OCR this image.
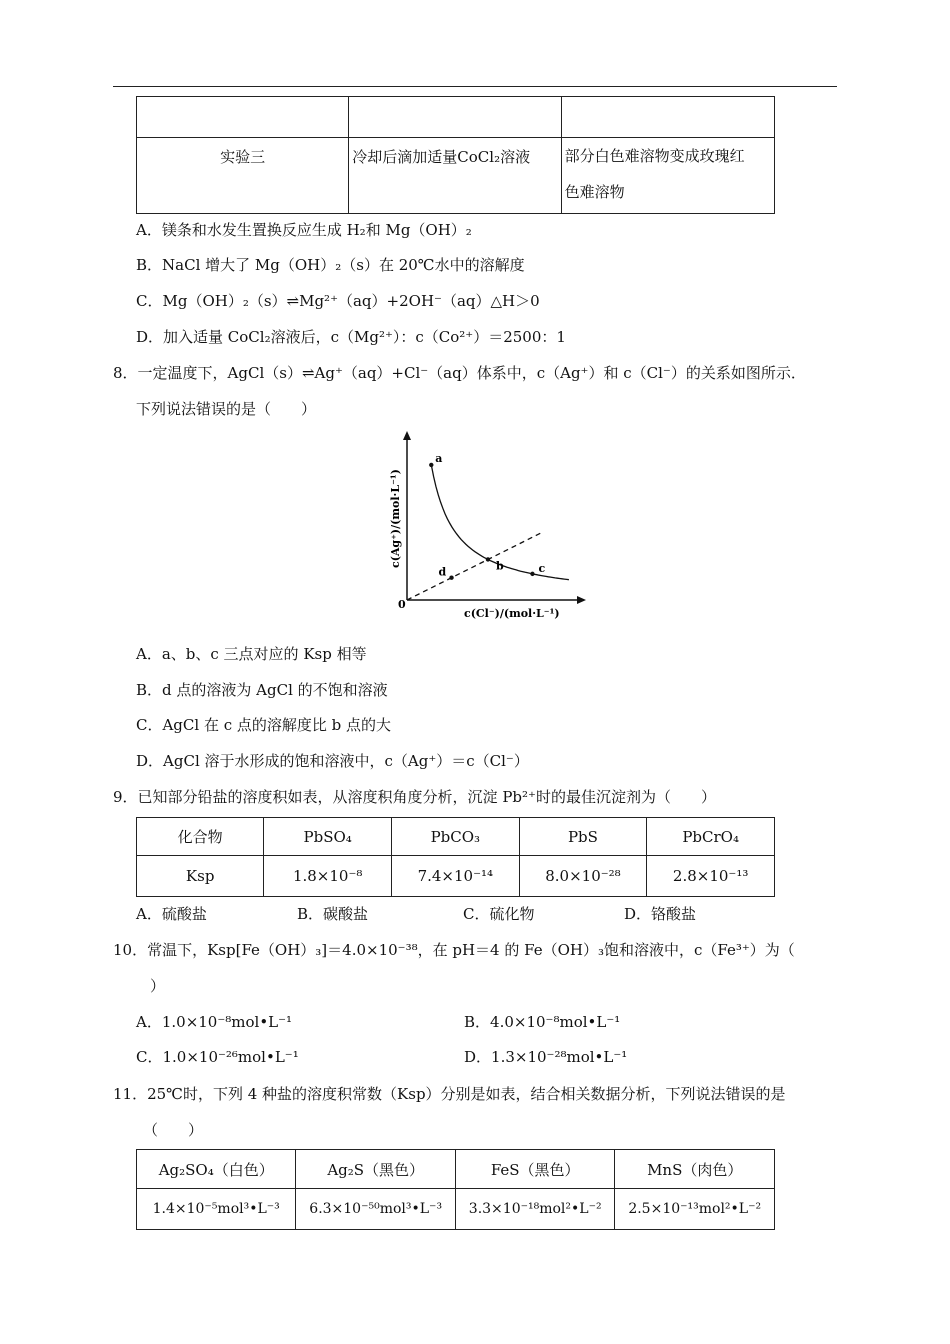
实验三	冷却后滴加适量CoCl₂溶液	部分白色难溶物变成玫瑰红
色难溶物
A．镁条和水发生置换反应生成 H₂和 Mg（OH）₂
B．NaCl 增大了 Mg（OH）₂（s）在 20℃水中的溶解度
C．Mg（OH）₂（s）⇌Mg²⁺（aq）+2OH⁻（aq）△H＞0
D．加入适量 CoCl₂溶液后，c（Mg²⁺）：c（Co²⁺）＝2500：1
8．一定温度下，AgCl（s）⇌Ag⁺（aq）+Cl⁻（aq）体系中，c（Ag⁺）和 c（Cl⁻）的关系如图所示．
下列说法错误的是（　　）
a
b	c
d
0
c(Cl⁻)/(mol·L⁻¹)
c(Ag⁺)/(mol·L⁻¹)
A．a、b、c 三点对应的 Ksp 相等
B．d 点的溶液为 AgCl 的不饱和溶液
C．AgCl 在 c 点的溶解度比 b 点的大
D．AgCl 溶于水形成的饱和溶液中，c（Ag⁺）＝c（Cl⁻）
9．已知部分铅盐的溶度积如表，从溶度积角度分析，沉淀 Pb²⁺时的最佳沉淀剂为（　　）
化合物	PbSO₄	PbCO₃	PbS	PbCrO₄
Ksp	1.8×10⁻⁸	7.4×10⁻¹⁴	8.0×10⁻²⁸	2.8×10⁻¹³
A．硫酸盐	B．碳酸盐	C．硫化物	D．铬酸盐
10．常温下，Ksp[Fe（OH）₃]＝4.0×10⁻³⁸，在 pH＝4 的 Fe（OH）₃饱和溶液中，c（Fe³⁺）为（
）
A．1.0×10⁻⁸mol•L⁻¹	B．4.0×10⁻⁸mol•L⁻¹
C．1.0×10⁻²⁶mol•L⁻¹	D．1.3×10⁻²⁸mol•L⁻¹
11．25℃时，下列 4 种盐的溶度积常数（Ksp）分别是如表，结合相关数据分析，下列说法错误的是
（　　）
Ag₂SO₄（白色）	Ag₂S（黑色）	FeS（黑色）	MnS（肉色）
1.4×10⁻⁵mol³•L⁻³	6.3×10⁻⁵⁰mol³•L⁻³	3.3×10⁻¹⁸mol²•L⁻²	2.5×10⁻¹³mol²•L⁻²
